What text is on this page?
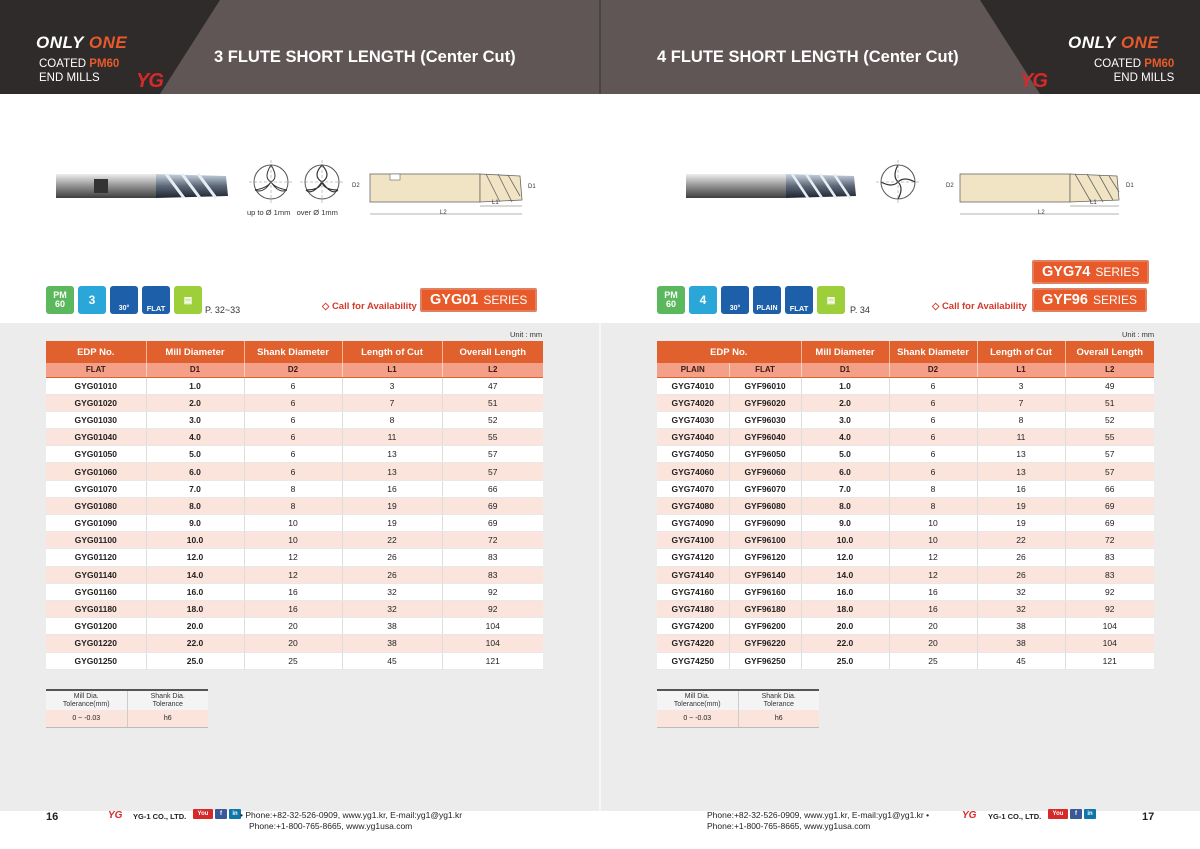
ONLY ONE
COATED PM60
END MILLS	YG
3 FLUTE SHORT LENGTH (Center Cut)	4 FLUTE SHORT LENGTH (Center Cut)
ONLY ONE
COATED PM60
END MILLS
YG
up to Ø 1mm over Ø 1mm
D2	D1
L1
L2
D2	D1
L1
L2
PM
60	3
30° FLAT
▤
P. 32~33	◇ Call for Availability GYG01 SERIES	PM
60	4
30° PLAIN FLAT
▤
P. 34	◇ Call for Availability
GYG74 SERIES
GYF96 SERIES
Unit : mm	Unit : mm
EDP No.	Mill Diameter	Shank Diameter	Length of Cut	Overall Length
FLAT	D1	D2	L1	L2
GYG01010	1.0	6	3	47
GYG01020	2.0	6	7	51
GYG01030	3.0	6	8	52
GYG01040	4.0	6	11	55
GYG01050	5.0	6	13	57
GYG01060	6.0	6	13	57
GYG01070	7.0	8	16	66
GYG01080	8.0	8	19	69
GYG01090	9.0	10	19	69
GYG01100	10.0	10	22	72
GYG01120	12.0	12	26	83
GYG01140	14.0	12	26	83
GYG01160	16.0	16	32	92
GYG01180	18.0	16	32	92
GYG01200	20.0	20	38	104
GYG01220	22.0	20	38	104
GYG01250	25.0	25	45	121
EDP No.		Mill Diameter	Shank Diameter	Length of Cut	Overall Length
PLAIN	FLAT	D1	D2	L1	L2
GYG74010	GYF96010	1.0	6	3	49
GYG74020	GYF96020	2.0	6	7	51
GYG74030	GYF96030	3.0	6	8	52
GYG74040	GYF96040	4.0	6	11	55
GYG74050	GYF96050	5.0	6	13	57
GYG74060	GYF96060	6.0	6	13	57
GYG74070	GYF96070	7.0	8	16	66
GYG74080	GYF96080	8.0	8	19	69
GYG74090	GYF96090	9.0	10	19	69
GYG74100	GYF96100	10.0	10	22	72
GYG74120	GYF96120	12.0	12	26	83
GYG74140	GYF96140	14.0	12	26	83
GYG74160	GYF96160	16.0	16	32	92
GYG74180	GYF96180	18.0	16	32	92
GYG74200	GYF96200	20.0	20	38	104
GYG74220	GYF96220	22.0	20	38	104
GYG74250	GYF96250	25.0	25	45	121
Mill Dia.
Tolerance(mm)	Shank Dia.
Tolerance
0 ~ -0.03	h6
Mill Dia.
Tolerance(mm)	Shank Dia.
Tolerance
0 ~ -0.03	h6
16	YG YG-1 CO., LTD.	You	f	in • Phone:+82-32-526-0909, www.yg1.kr, E-mail:yg1@yg1.kr
Phone:+1-800-765-8665, www.yg1usa.com
Phone:+82-32-526-0909, www.yg1.kr, E-mail:yg1@yg1.kr •
Phone:+1-800-765-8665, www.yg1usa.com
YG YG-1 CO., LTD.	You	f	in	17
